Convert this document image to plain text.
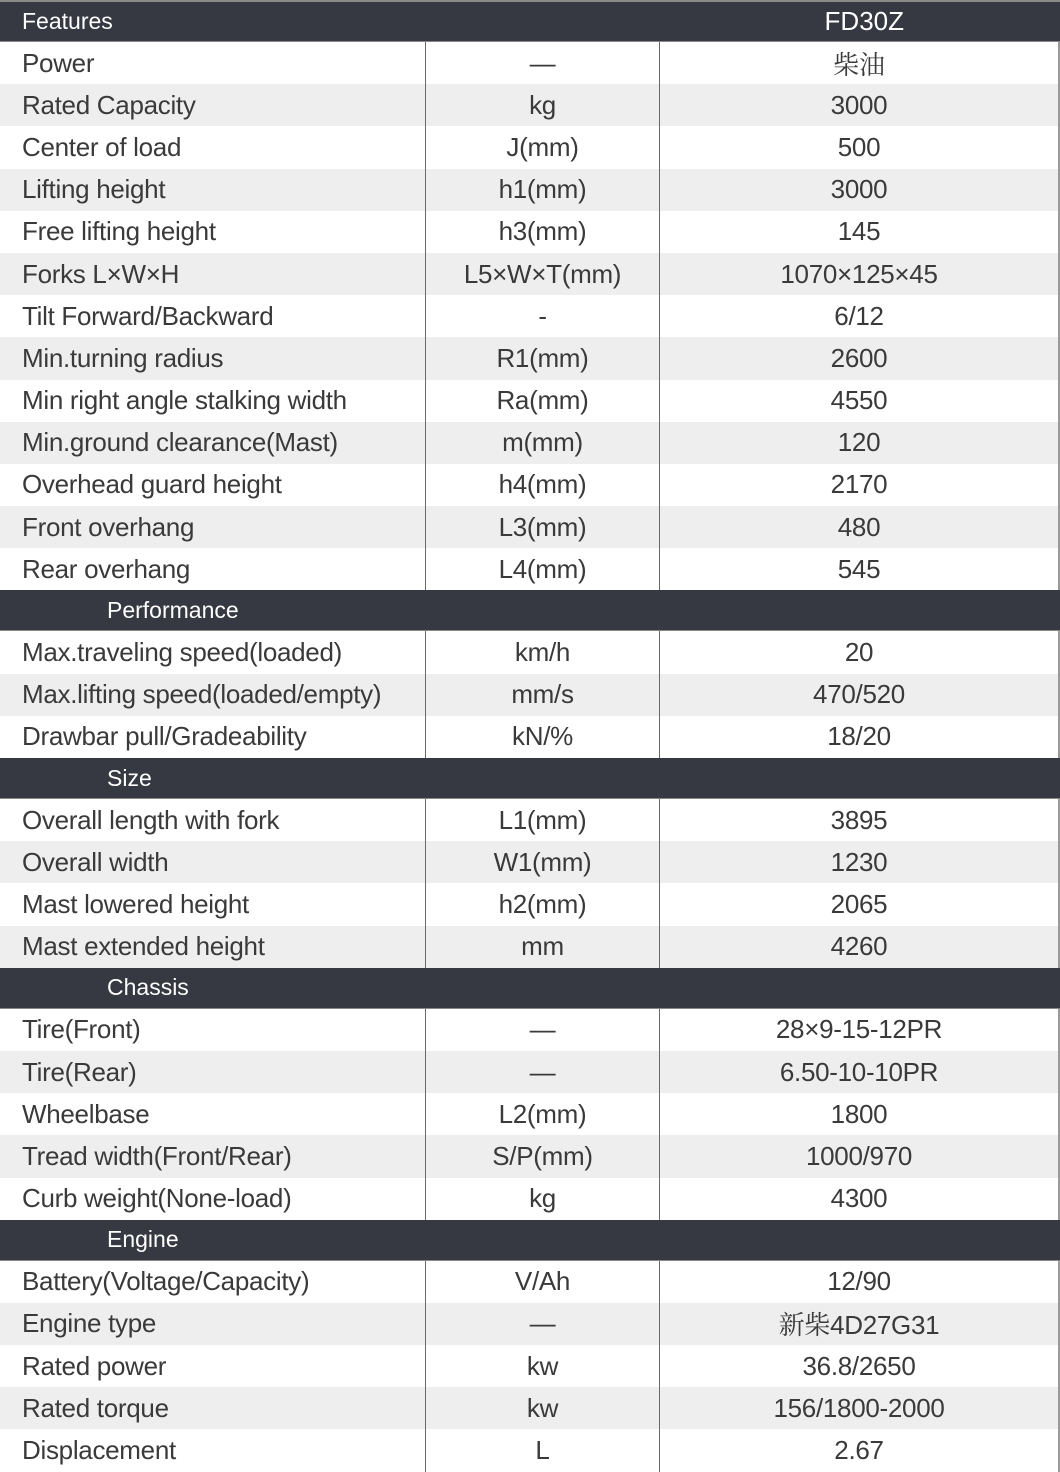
Features	FD30Z
Power	—	柴油
Rated Capacity	kg	3000
Center of load	J(mm)	500
Lifting height	h1(mm)	3000
Free lifting height	h3(mm)	145
Forks L×W×H	L5×W×T(mm)	1070×125×45
Tilt Forward/Backward	-	6/12
Min.turning radius	R1(mm)	2600
Min right angle stalking width	Ra(mm)	4550
Min.ground clearance(Mast)	m(mm)	120
Overhead guard height	h4(mm)	2170
Front overhang	L3(mm)	480
Rear overhang	L4(mm)	545
Performance
Max.traveling speed(loaded)	km/h	20
Max.lifting speed(loaded/empty)	mm/s	470/520
Drawbar pull/Gradeability	kN/%	18/20
Size
Overall length with fork	L1(mm)	3895
Overall width	W1(mm)	1230
Mast lowered height	h2(mm)	2065
Mast extended height	mm	4260
Chassis
Tire(Front)	—	28×9-15-12PR
Tire(Rear)	—	6.50-10-10PR
Wheelbase	L2(mm)	1800
Tread width(Front/Rear)	S/P(mm)	1000/970
Curb weight(None-load)	kg	4300
Engine
Battery(Voltage/Capacity)	V/Ah	12/90
Engine type	—	新柴4D27G31
Rated power	kw	36.8/2650
Rated torque	kw	156/1800-2000
Displacement	L	2.67
